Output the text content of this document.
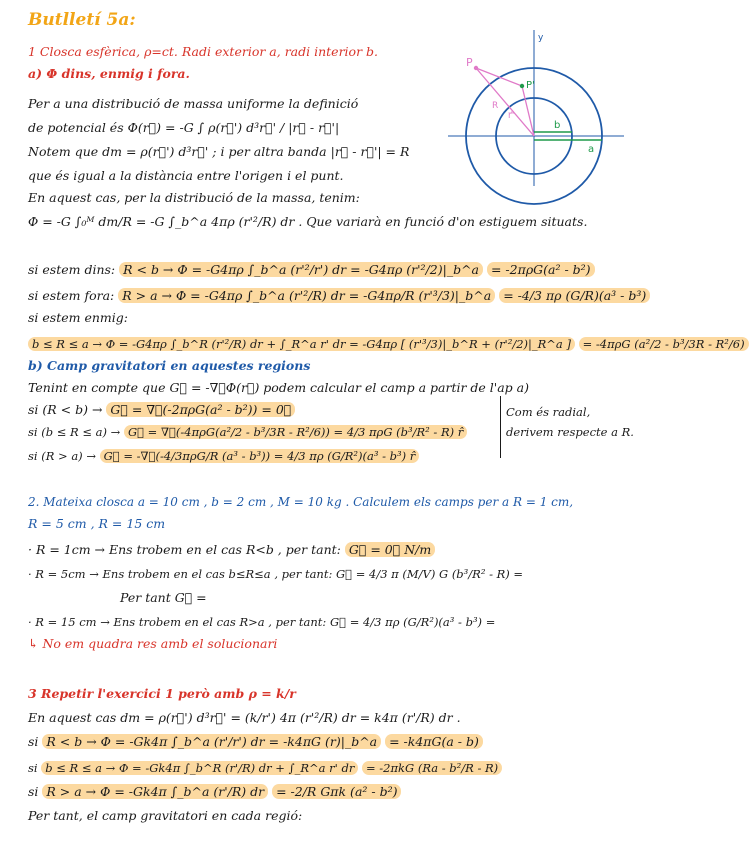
Butlletí 5a:
1 Closca esfèrica, ρ=ct. Radi exterior a, radi interior b.
a) Φ dins, enmig i fora.
Per a una distribució de massa uniforme la definició
de potencial és Φ(r⃗) = -G ∫ ρ(r⃗') d³r⃗' / |r⃗ - r⃗'|
Notem que dm = ρ(r⃗') d³r⃗' ; i per altra banda |r⃗ - r⃗'| = R
que és igual a la distància entre l'origen i el punt.
En aquest cas, per la distribució de la massa, tenim:
Φ = -G ∫₀ᴹ dm/R = -G ∫_b^a 4πρ (r'²/R) dr . Que variarà en funció d'on estiguem situats.
si estem dins: R < b → Φ = -G4πρ ∫_b^a (r'²/r') dr = -G4πρ (r'²/2)|_b^a = -2πρG(a² - b²)
si estem fora: R > a → Φ = -G4πρ ∫_b^a (r'²/R) dr = -G4πρ/R (r'³/3)|_b^a = -4/3 πρ (G/R)(a³ - b³)
si estem enmig:
b ≤ R ≤ a → Φ = -G4πρ ∫_b^R (r'²/R) dr + ∫_R^a r' dr = -G4πρ [ (r'³/3)|_b^R + (r'²/2)|_R^a ] = -4πρG (a²/2 - b³/3R - R²/6)
b) Camp gravitatori en aquestes regions
Tenint en compte que G⃗ = -∇⃗Φ(r⃗) podem calcular el camp a partir de l'ap a)
si (R < b) → G⃗ = ∇⃗(-2πρG(a² - b²)) = 0⃗
si (b ≤ R ≤ a) → G⃗ = ∇⃗(-4πρG(a²/2 - b³/3R - R²/6)) = 4/3 πρG (b³/R² - R) r̂
si (R > a) → G⃗ = -∇⃗(-4/3πρG/R (a³ - b³)) = 4/3 πρ (G/R²)(a³ - b³) r̂
Com és radial,
derivem respecte a R.
2. Mateixa closca a = 10 cm , b = 2 cm , M = 10 kg . Calculem els camps per a R = 1 cm,
R = 5 cm , R = 15 cm
· R = 1cm → Ens trobem en el cas R<b , per tant: G⃗ = 0⃗ N/m
· R = 5cm → Ens trobem en el cas b≤R≤a , per tant: G⃗ = 4/3 π (M/V) G (b³/R² - R) =
Per tant G⃗ =
· R = 15 cm → Ens trobem en el cas R>a , per tant: G⃗ = 4/3 πρ (G/R²)(a³ - b³) =
↳ No em quadra res amb el solucionari
3 Repetir l'exercici 1 però amb ρ = k/r
En aquest cas dm = ρ(r⃗') d³r⃗' = (k/r') 4π (r'²/R) dr = k4π (r'/R) dr .
si R < b → Φ = -Gk4π ∫_b^a (r'/r') dr = -k4πG (r)|_b^a = -k4πG(a - b)
si b ≤ R ≤ a → Φ = -Gk4π ∫_b^R (r'/R) dr + ∫_R^a r' dr = -2πkG (Ra - b²/R - R)
si R > a → Φ = -Gk4π ∫_b^a (r'/R) dr = -2/R Gπk (a² - b²)
Per tant, el camp gravitatori en cada regió:
y
P
P'
R
r⃗'
b
a
